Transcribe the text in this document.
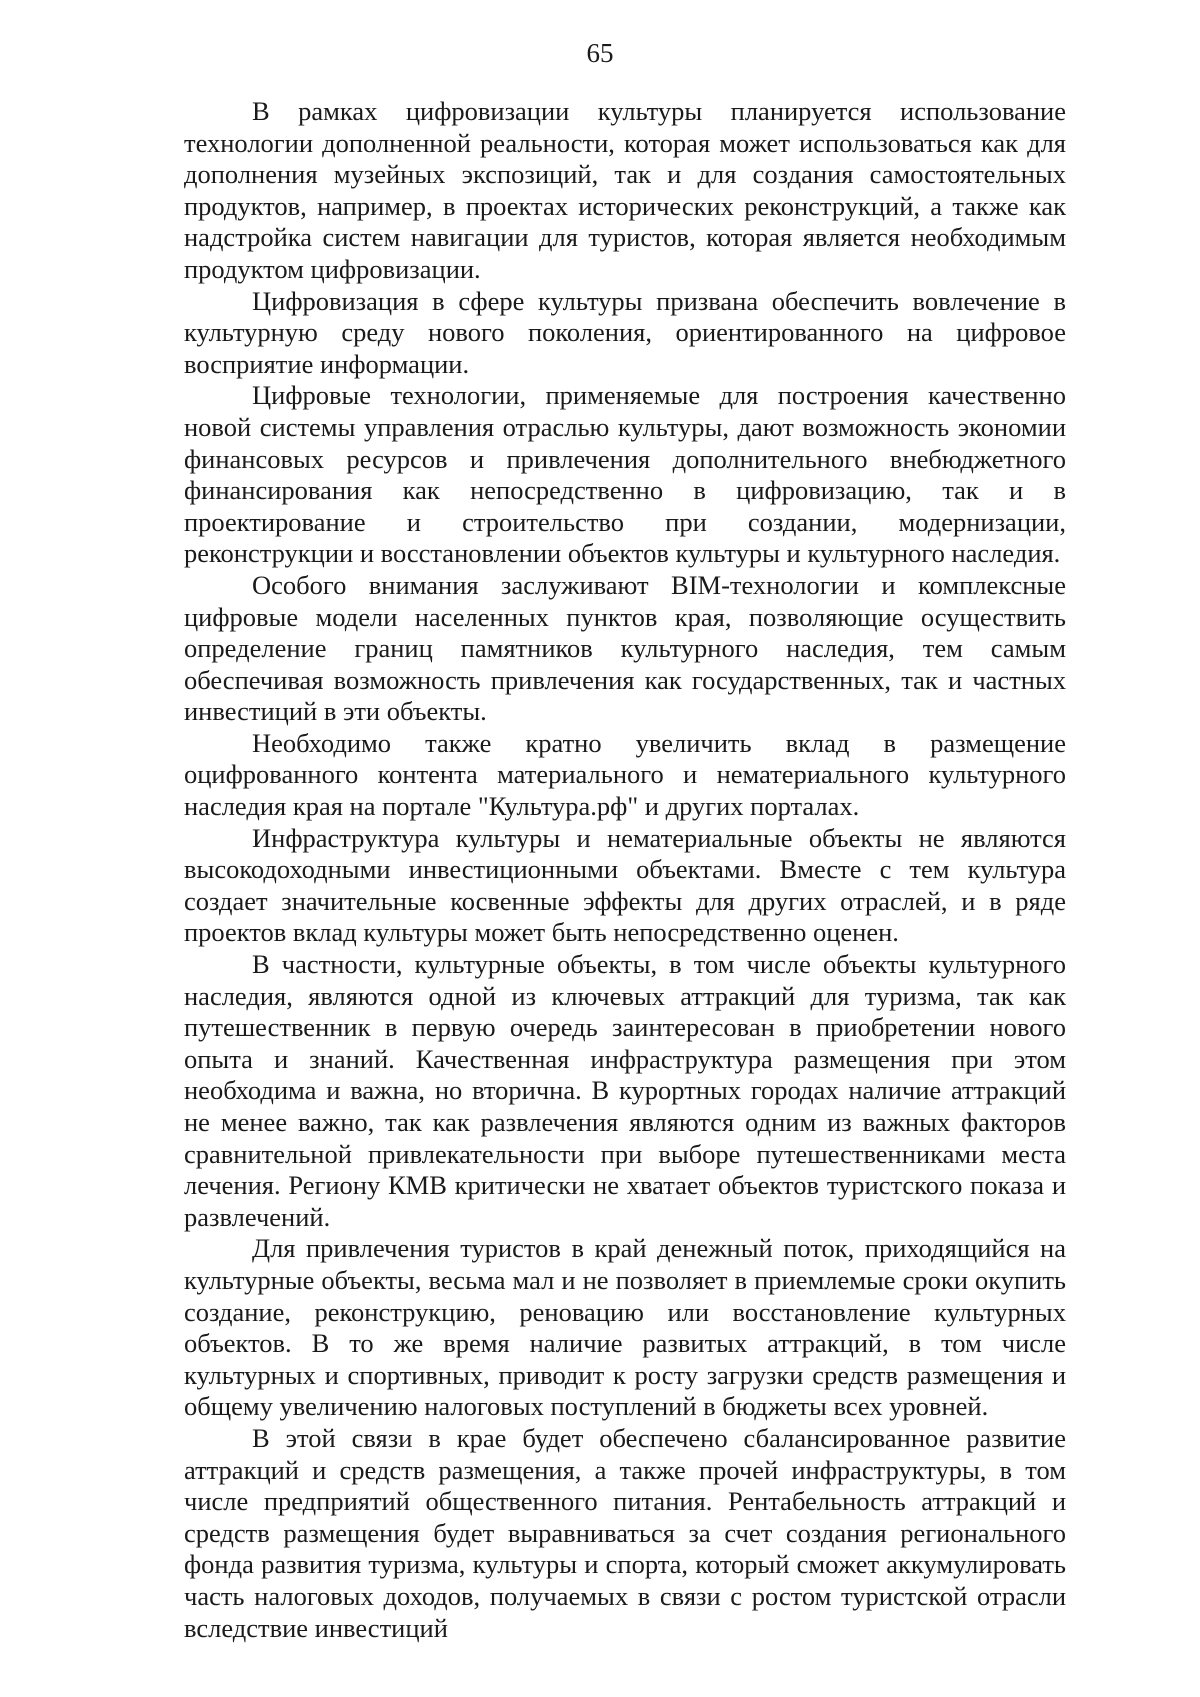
65

В рамках цифровизации культуры планируется использование технологии дополненной реальности, которая может использоваться как для дополнения музейных экспозиций, так и для создания самостоятельных продуктов, например, в проектах исторических реконструкций, а также как надстройка систем навигации для туристов, которая является необходимым продуктом цифровизации.

Цифровизация в сфере культуры призвана обеспечить вовлечение в культурную среду нового поколения, ориентированного на цифровое восприятие информации.

Цифровые технологии, применяемые для построения качественно новой системы управления отраслью культуры, дают возможность экономии финансовых ресурсов и привлечения дополнительного внебюджетного финансирования как непосредственно в цифровизацию, так и в проектирование и строительство при создании, модернизации, реконструкции и восстановлении объектов культуры и культурного наследия.

Особого внимания заслуживают BIM-технологии и комплексные цифровые модели населенных пунктов края, позволяющие осуществить определение границ памятников культурного наследия, тем самым обеспечивая возможность привлечения как государственных, так и частных инвестиций в эти объекты.

Необходимо также кратно увеличить вклад в размещение оцифрованного контента материального и нематериального культурного наследия края на портале "Культура.рф" и других порталах.

Инфраструктура культуры и нематериальные объекты не являются высокодоходными инвестиционными объектами. Вместе с тем культура создает значительные косвенные эффекты для других отраслей, и в ряде проектов вклад культуры может быть непосредственно оценен.

В частности, культурные объекты, в том числе объекты культурного наследия, являются одной из ключевых аттракций для туризма, так как путешественник в первую очередь заинтересован в приобретении нового опыта и знаний. Качественная инфраструктура размещения при этом необходима и важна, но вторична. В курортных городах наличие аттракций не менее важно, так как развлечения являются одним из важных факторов сравнительной привлекательности при выборе путешественниками места лечения. Региону КМВ критически не хватает объектов туристского показа и развлечений.

Для привлечения туристов в край денежный поток, приходящийся на культурные объекты, весьма мал и не позволяет в приемлемые сроки окупить создание, реконструкцию, реновацию или восстановление культурных объектов. В то же время наличие развитых аттракций, в том числе культурных и спортивных, приводит к росту загрузки средств размещения и общему увеличению налоговых поступлений в бюджеты всех уровней.

В этой связи в крае будет обеспечено сбалансированное развитие аттракций и средств размещения, а также прочей инфраструктуры, в том числе предприятий общественного питания. Рентабельность аттракций и средств размещения будет выравниваться за счет создания регионального фонда развития туризма, культуры и спорта, который сможет аккумулировать часть налоговых доходов, получаемых в связи с ростом туристской отрасли вследствие инвестиций
